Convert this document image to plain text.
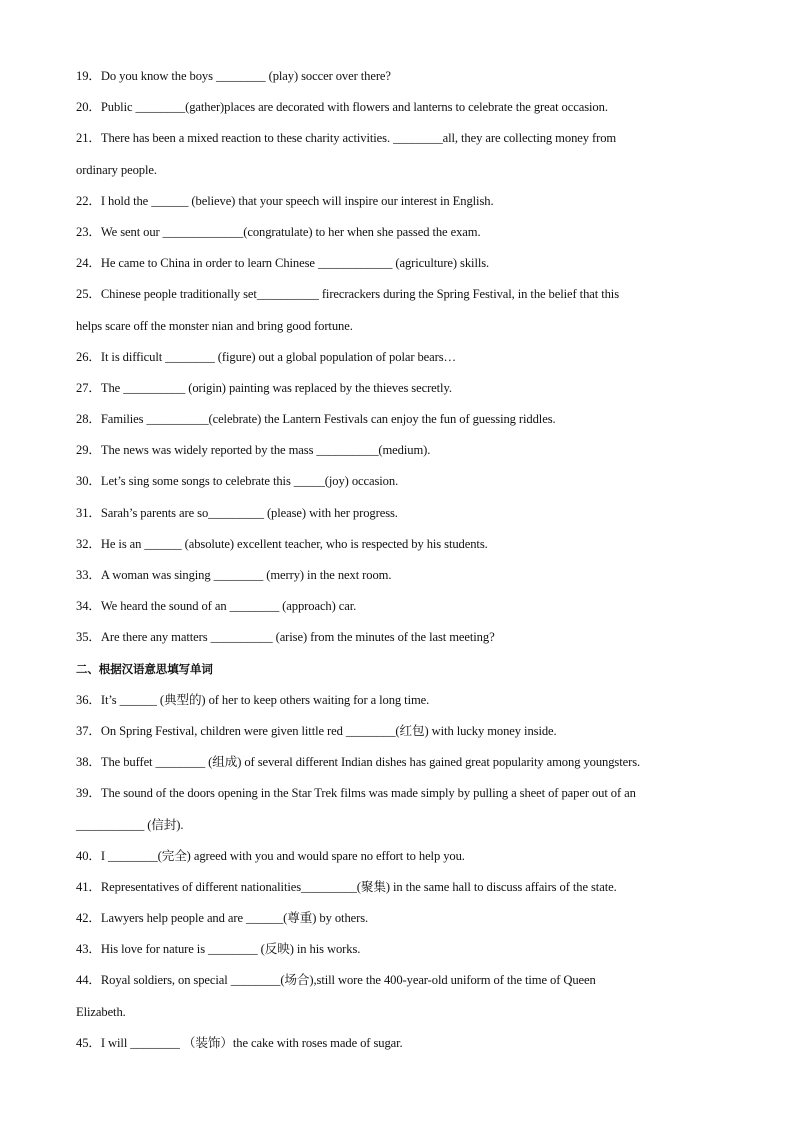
19．Do you know the boys ________ (play) soccer over there?
20．Public ________(gather)places are decorated with flowers and lanterns to celebrate the great occasion.
21．There has been a mixed reaction to these charity activities. ________all, they are collecting money from
ordinary people.
22．I hold the ______ (believe) that your speech will inspire our interest in English.
23．We sent our _____________(congratulate) to her when she passed the exam.
24．He came to China in order to learn Chinese ____________ (agriculture) skills.
25．Chinese people traditionally set__________ firecrackers during the Spring Festival, in the belief that this
helps scare off the monster nian and bring good fortune.
26．It is difficult ________ (figure) out a global population of polar bears…
27．The __________ (origin) painting was replaced by the thieves secretly.
28．Families __________(celebrate) the Lantern Festivals can enjoy the fun of guessing riddles.
29．The news was widely reported by the mass __________(medium).
30．Let’s sing some songs to celebrate this _____(joy) occasion.
31．Sarah’s parents are so_________ (please) with her progress.
32．He is an ______ (absolute) excellent teacher, who is respected by his students.
33．A woman was singing ________ (merry) in the next room.
34．We heard the sound of an ________ (approach) car.
35．Are there any matters __________ (arise) from the minutes of the last meeting?
二、根据汉语意思填写单词
36．It’s ______ (典型的) of her to keep others waiting for a long time.
37．On Spring Festival, children were given little red ________(红包) with lucky money inside.
38．The buffet ________ (组成) of several different Indian dishes has gained great popularity among youngsters.
39．The sound of the doors opening in the Star Trek films was made simply by pulling a sheet of paper out of an
___________ (信封).
40．I ________(完全) agreed with you and would spare no effort to help you.
41．Representatives of different nationalities_________(聚集) in the same hall to discuss affairs of the state.
42．Lawyers help people and are ______(尊重) by others.
43．His love for nature is ________ (反映) in his works.
44．Royal soldiers, on special ________(场合),still wore the 400-year-old uniform of the time of Queen
Elizabeth.
45．I will ________ （装饰）the cake with roses made of sugar.
